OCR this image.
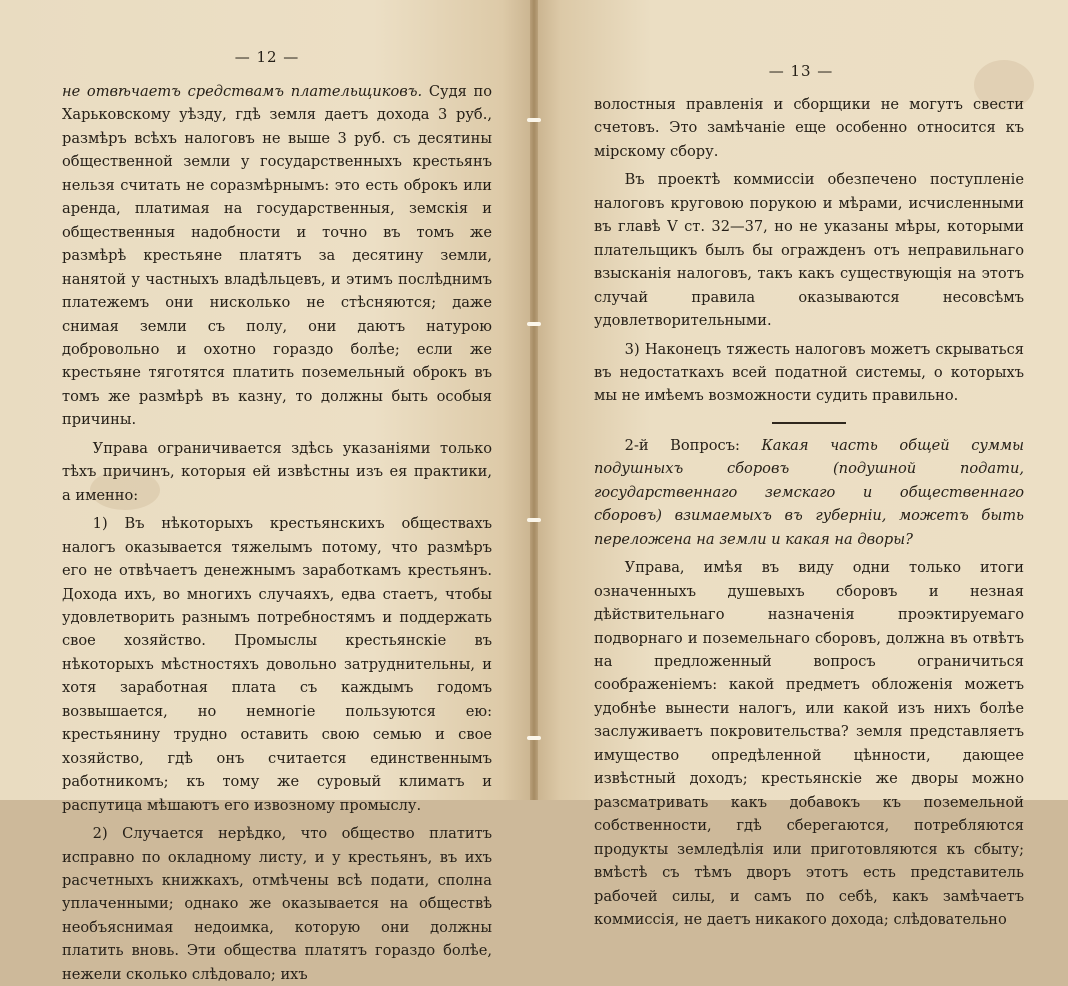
— 12 —

не отвѣчаетъ средствамъ плательщиковъ. Судя по Харьковскому уѣзду, гдѣ земля даетъ дохода 3 руб., размѣръ всѣхъ налоговъ не выше 3 руб. съ десятины общественной земли у государственныхъ крестьянъ нельзя считать не соразмѣрнымъ: это есть оброкъ или аренда, платимая на государственныя, земскія и общественныя надобности и точно въ томъ же размѣрѣ крестьяне платятъ за десятину земли, нанятой у частныхъ владѣльцевъ, и этимъ послѣднимъ платежемъ они нисколько не стѣсняются; даже снимая земли съ полу, они даютъ натурою добровольно и охотно гораздо болѣе; если же крестьяне тяготятся платить поземельный оброкъ въ томъ же размѣрѣ въ казну, то должны быть особыя причины.

Управа ограничивается здѣсь указаніями только тѣхъ причинъ, которыя ей извѣстны изъ ея практики, а именно:

1) Въ нѣкоторыхъ крестьянскихъ обществахъ налогъ оказывается тяжелымъ потому, что размѣръ его не отвѣчаетъ денежнымъ заработкамъ крестьянъ. Дохода ихъ, во многихъ случаяхъ, едва стаетъ, чтобы удовлетворить разнымъ потребностямъ и поддержать свое хозяйство. Промыслы крестьянскіе въ нѣкоторыхъ мѣстностяхъ довольно затруднительны, и хотя заработная плата съ каждымъ годомъ возвышается, но немногіе пользуются ею: крестьянину трудно оставить свою семью и свое хозяйство, гдѣ онъ считается единственнымъ работникомъ; къ тому же суровый климатъ и распутица мѣшаютъ его извозному промыслу.

2) Случается нерѣдко, что общество платитъ исправно по окладному листу, и у крестьянъ, въ ихъ расчетныхъ книжкахъ, отмѣчены всѣ подати, сполна уплаченными; однако же оказывается на обществѣ необъяснимая недоимка, которую они должны платить вновь. Эти общества платятъ гораздо болѣе, нежели сколько слѣдовало; ихъ

— 13 —

волостныя правленія и сборщики не могутъ свести счетовъ. Это замѣчаніе еще особенно относится къ мірскому сбору.

Въ проектѣ коммиссіи обезпечено поступленіе налоговъ круговою порукою и мѣрами, исчисленными въ главѣ V ст. 32—37, но не указаны мѣры, которыми плательщикъ былъ бы огражденъ отъ неправильнаго взысканія налоговъ, такъ какъ существующія на этотъ случай правила оказываются несовсѣмъ удовлетворительными.

3) Наконецъ тяжесть налоговъ можетъ скрываться въ недостаткахъ всей податной системы, о которыхъ мы не имѣемъ возможности судить правильно.

2-й Вопросъ: Какая часть общей суммы подушныхъ сборовъ (подушной подати, государственнаго земскаго и общественнаго сборовъ) взимаемыхъ въ губерніи, можетъ быть переложена на земли и какая на дворы?

Управа, имѣя въ виду одни только итоги означенныхъ душевыхъ сборовъ и незная дѣйствительнаго назначенія проэктируемаго подворнаго и поземельнаго сборовъ, должна въ отвѣтъ на предложенный вопросъ ограничиться соображеніемъ: какой предметъ обложенія можетъ удобнѣе вынести налогъ, или какой изъ нихъ болѣе заслуживаетъ покровительства? земля представляетъ имущество опредѣленной цѣнности, дающее извѣстный доходъ; крестьянскіе же дворы можно разсматривать какъ добавокъ къ поземельной собственности, гдѣ сберегаются, потребляются продукты земледѣлія или приготовляются къ сбыту; вмѣстѣ съ тѣмъ дворъ этотъ есть представитель рабочей силы, и самъ по себѣ, какъ замѣчаетъ коммиссія, не даетъ никакого дохода; слѣдовательно
